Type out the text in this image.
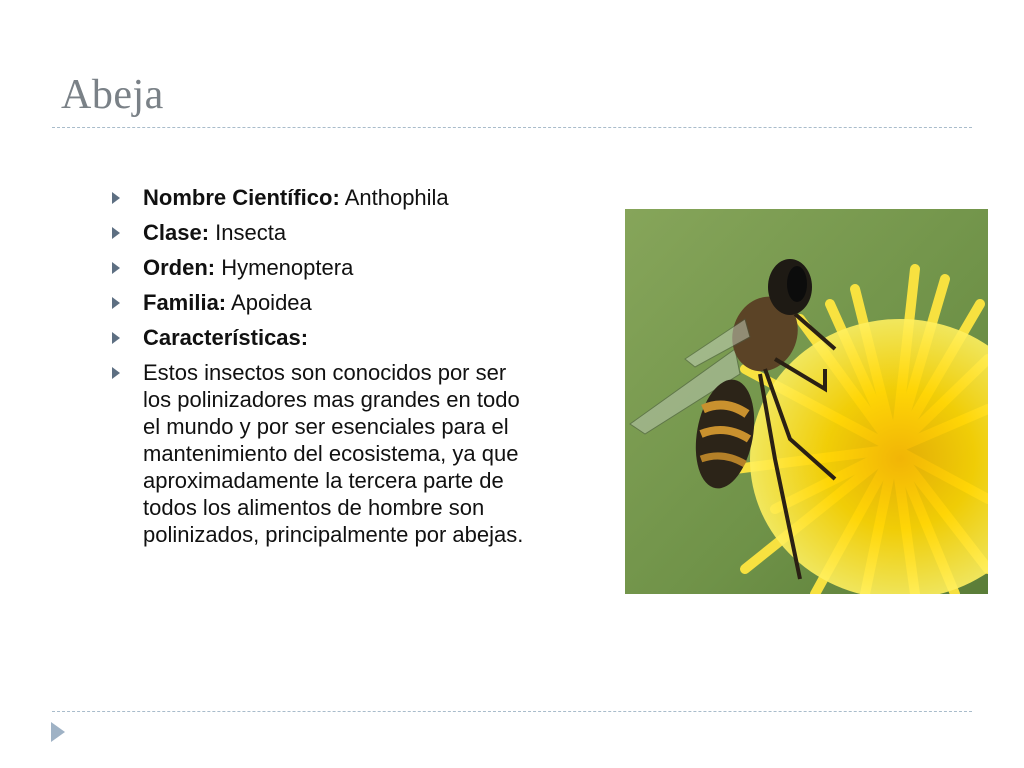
Abeja
Nombre Científico: Anthophila
Clase: Insecta
Orden: Hymenoptera
Familia: Apoidea
Características:
Estos insectos son conocidos por ser los polinizadores mas grandes en todo el mundo y por ser esenciales para el mantenimiento del ecosistema, ya que aproximadamente la tercera parte de todos los alimentos de hombre son polinizados, principalmente por abejas.
